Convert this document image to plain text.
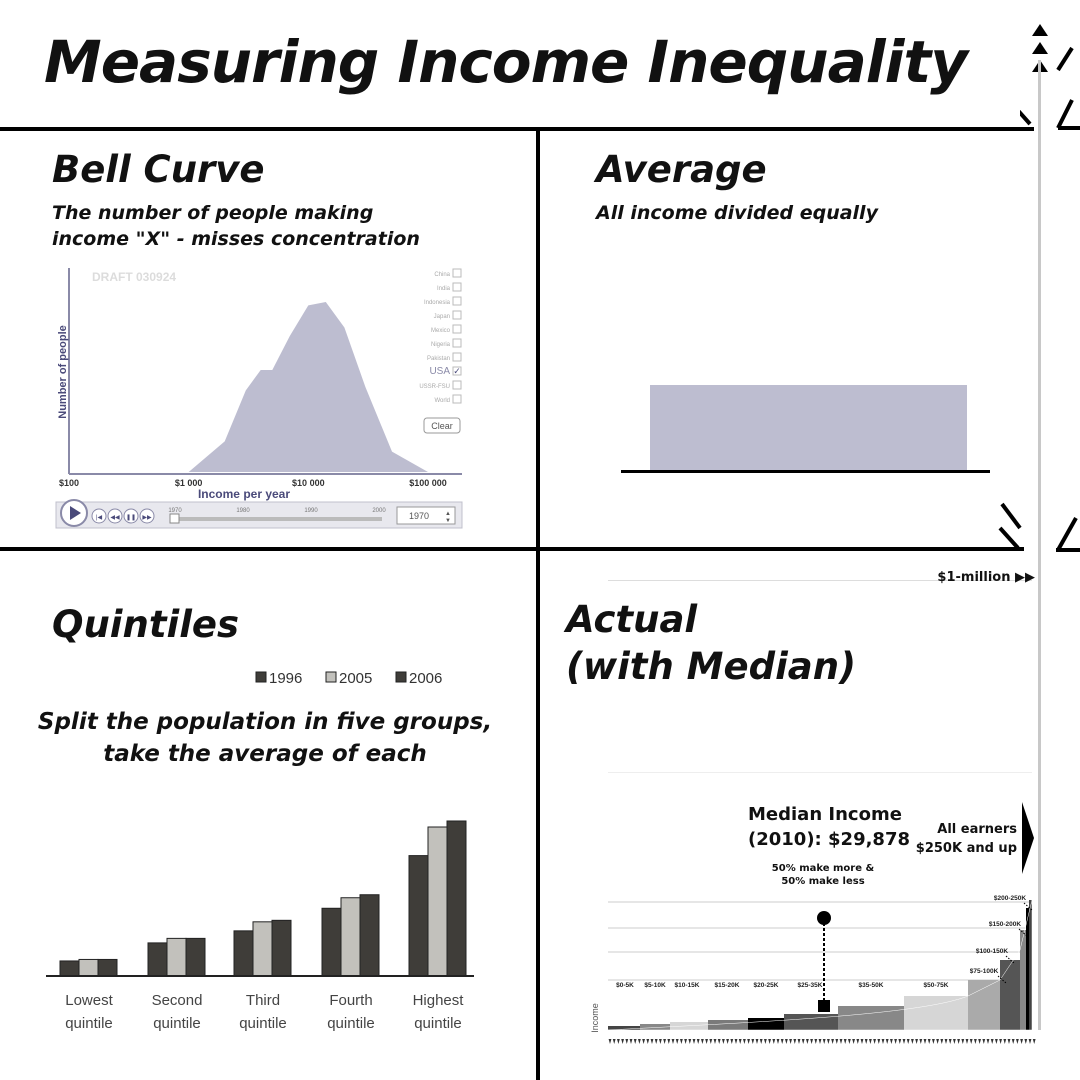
Measuring Income Inequality
Bell Curve
The number of people making
income "X" - misses concentration
DRAFT 030924
Number of people
$100	$1 000	$10 000	$100 000
Income per year
China
India
Indonesia
Japan
Mexico
Nigeria
Pakistan
USA ✓
USSR-FSU
World
Clear
|◀ ◀◀ ❚❚ ▶▶
1970	1980	1990	2000	1970	▲
▼
Average
All income divided equally
Quintiles
Split the population in five groups,
take the average of each
1996 2005 2006
Lowest
quintile
Second
quintile
Third
quintile
Fourth
quintile
Highest
quintile
Actual
(with Median)
$1-million ▶▶
Median Income
(2010): $29,878
50% make more &
50% make less
All earners
$250K and up
$0-5K $5-10K $10-15K $15-20K $20-25K	$25-35K	$35-50K	$50-75K
$75-100K
$100-150K
$150-200K
$200-250K
Income
